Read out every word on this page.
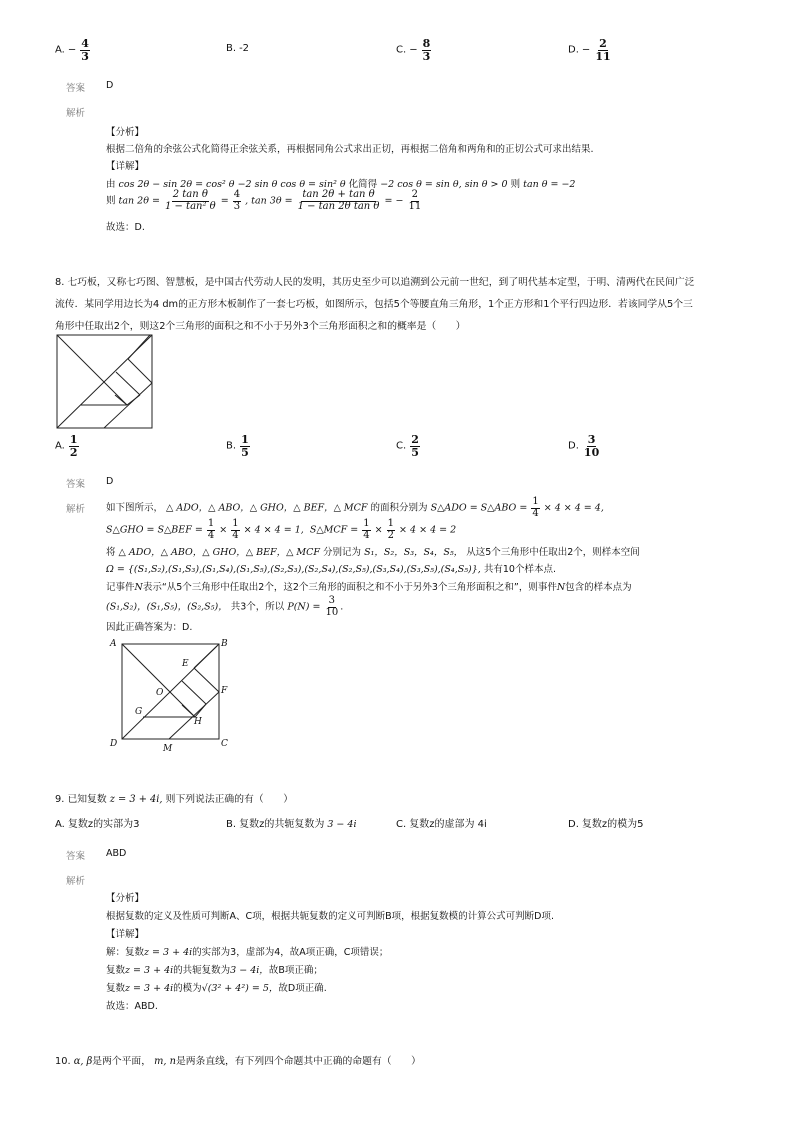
A. − $\frac{4}{3}$	B. -2	C. − $\frac{8}{3}$	D. − $\frac{2}{11}$
答案 D
解析
【分析】
根据二倍角的余弦公式化简得正余弦关系，再根据同角公式求出正切，再根据二倍角和两角和的正切公式可求出结果.
【详解】
由 cos 2θ − sin 2θ = cos² θ −2 sin θ cos θ = sin² θ 化简得 −2 cos θ = sin θ, sin θ > 0 则 tan θ = −2
则 $\tan 2\theta = \frac{\text{2 tan θ}}{\text{1 − tan² θ}} = \frac{4}{3}$ , $\tan 3\theta = \frac{\text{tan 2θ + tan θ}}{\text{1 − tan 2θ tan θ}}$ = − $\frac{2}{11}$
故选：D.
8. 七巧板，又称七巧图、智慧板，是中国古代劳动人民的发明，其历史至少可以追溯到公元前一世纪，到了明代基本定型，于明、清两代在民间广泛
流传．某同学用边长为4 dm的正方形木板制作了一套七巧板，如图所示，包括5个等腰直角三角形，1个正方形和1个平行四边形．若该同学从5个三
角形中任取出2个，则这2个三角形的面积之和不小于另外3个三角形面积之和的概率是（　　）
A. $\frac{1}{2}$	B. $\frac{1}{5}$	C. $\frac{2}{5}$	D. $\frac{3}{10}$
答案 D
解析 如下图所示， △ ADO，△ ABO，△ GHO，△ BEF，△ MCF 的面积分别为 S△ADO = S△ABO = $\frac{1}{4} \times 4 \times 4 = 4$,
S△GHO = S△BEF = $\frac{1}{4} \times \frac{1}{4} \times 4 \times 4 = 1$, S△MCF = $\frac{1}{4} \times \frac{1}{2} \times 4 \times 4 = 2$
将 △ ADO，△ ABO，△ GHO，△ BEF，△ MCF 分别记为 S₁，S₂，S₃，S₄，S₅， 从这5个三角形中任取出2个，则样本空间
Ω = {(S₁,S₂),(S₁,S₃),(S₁,S₄),(S₁,S₅),(S₂,S₃),(S₂,S₄),(S₂,S₅),(S₃,S₄),(S₃,S₅),(S₄,S₅)}, 共有10个样本点.
记事件N表示“从5个三角形中任取出2个，这2个三角形的面积之和不小于另外3个三角形面积之和”，则事件N包含的样本点为
(S₁,S₂)，(S₁,S₅)，(S₂,S₅)， 共3个，所以 $P(N) = \frac{3}{10}$ .
因此正确答案为：D.
A	B
C
D
E
F
G
H
M
O
9. 已知复数 z = 3 + 4i, 则下列说法正确的有（　　）
A. 复数z的实部为3	B. 复数z的共轭复数为 3 − 4i	C. 复数z的虚部为 4i	D. 复数z的模为5
答案 ABD
解析
【分析】
根据复数的定义及性质可判断A、C项，根据共轭复数的定义可判断B项，根据复数模的计算公式可判断D项.
【详解】
解：复数z = 3 + 4i的实部为3，虚部为4，故A项正确，C项错误；
复数z = 3 + 4i的共轭复数为3 − 4i，故B项正确；
复数z = 3 + 4i的模为√(3² + 4²) = 5，故D项正确.
故选：ABD.
10. α, β是两个平面， m, n是两条直线，有下列四个命题其中正确的命题有（　　）
